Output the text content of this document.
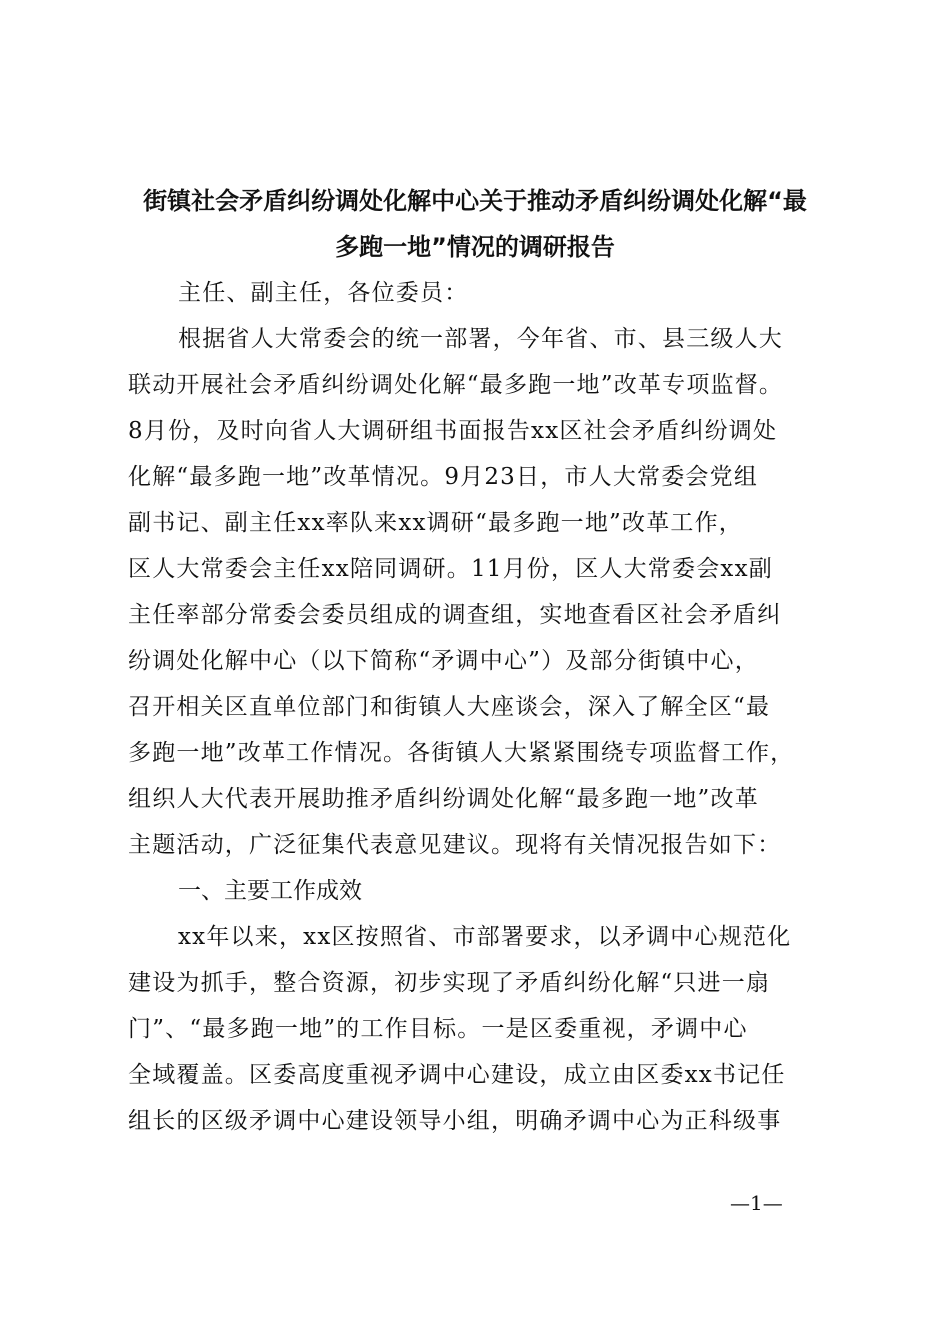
街镇社会矛盾纠纷调处化解中心关于推动矛盾纠纷调处化解“最
多跑一地”情况的调研报告
主任、副主任，各位委员：
根据省人大常委会的统一部署，今年省、市、县三级人大
联动开展社会矛盾纠纷调处化解“最多跑一地”改革专项监督。
8月份，及时向省人大调研组书面报告xx区社会矛盾纠纷调处
化解“最多跑一地”改革情况。9月23日，市人大常委会党组
副书记、副主任xx率队来xx调研“最多跑一地”改革工作，
区人大常委会主任xx陪同调研。11月份，区人大常委会xx副
主任率部分常委会委员组成的调查组，实地查看区社会矛盾纠
纷调处化解中心（以下简称“矛调中心”）及部分街镇中心，
召开相关区直单位部门和街镇人大座谈会，深入了解全区“最
多跑一地”改革工作情况。各街镇人大紧紧围绕专项监督工作，
组织人大代表开展助推矛盾纠纷调处化解“最多跑一地”改革
主题活动，广泛征集代表意见建议。现将有关情况报告如下：
一、主要工作成效
xx年以来，xx区按照省、市部署要求，以矛调中心规范化
建设为抓手，整合资源，初步实现了矛盾纠纷化解“只进一扇
门”、“最多跑一地”的工作目标。一是区委重视，矛调中心
全域覆盖。区委高度重视矛调中心建设，成立由区委xx书记任
组长的区级矛调中心建设领导小组，明确矛调中心为正科级事
—1—
